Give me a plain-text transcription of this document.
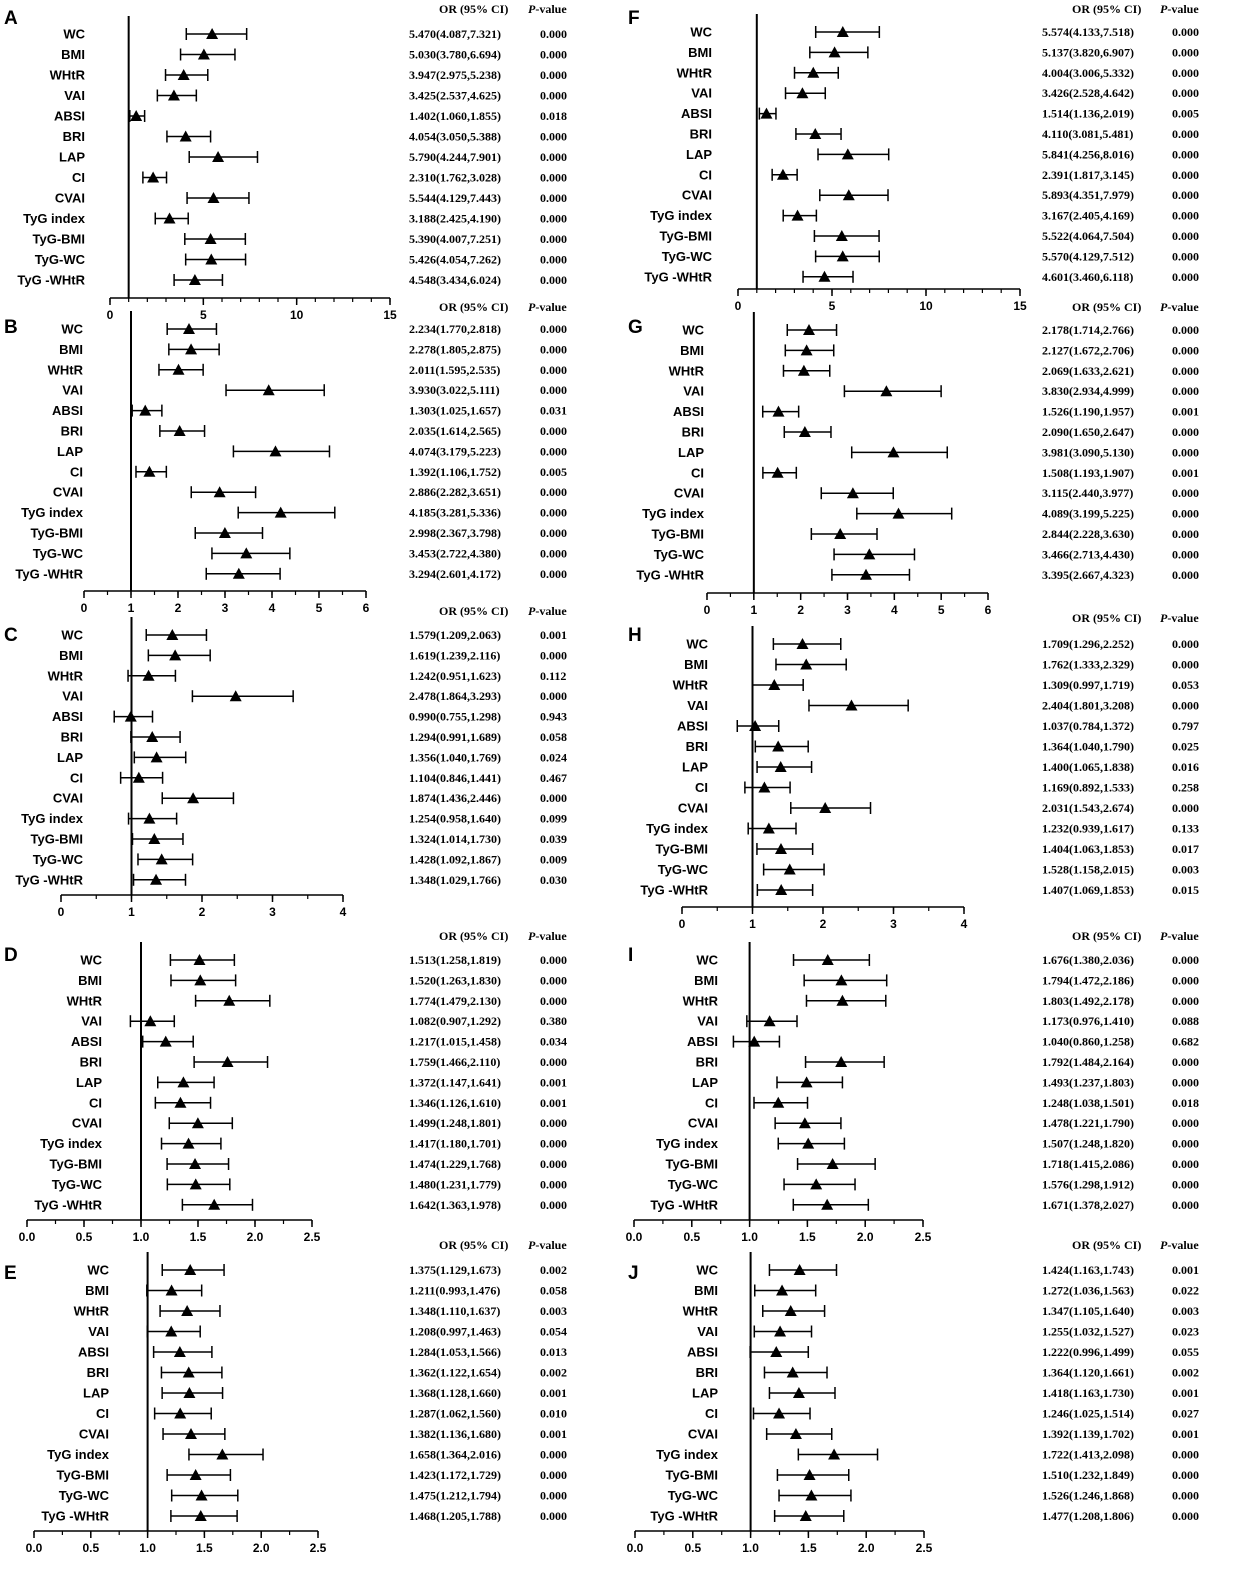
A	OR (95% CI) P-value
0	5	10	15
WC	5.470(4.087,7.321)	0.000
BMI	5.030(3.780,6.694)	0.000
WHtR	3.947(2.975,5.238)	0.000
VAI	3.425(2.537,4.625)	0.000
ABSI	1.402(1.060,1.855)	0.018
BRI	4.054(3.050,5.388)	0.000
LAP	5.790(4.244,7.901)	0.000
CI	2.310(1.762,3.028)	0.000
CVAI	5.544(4.129,7.443)	0.000
TyG index	3.188(2.425,4.190)	0.000
TyG-BMI	5.390(4.007,7.251)	0.000
TyG-WC	5.426(4.054,7.262)	0.000
TyG -WHtR	4.548(3.434,6.024)	0.000
B
OR (95% CI) P-value
0	1	2	3	4	5	6
WC	2.234(1.770,2.818)	0.000
BMI	2.278(1.805,2.875)	0.000
WHtR	2.011(1.595,2.535)	0.000
VAI	3.930(3.022,5.111)	0.000
ABSI	1.303(1.025,1.657)	0.031
BRI	2.035(1.614,2.565)	0.000
LAP	4.074(3.179,5.223)	0.000
CI	1.392(1.106,1.752)	0.005
CVAI	2.886(2.282,3.651)	0.000
TyG index	4.185(3.281,5.336)	0.000
TyG-BMI	2.998(2.367,3.798)	0.000
TyG-WC	3.453(2.722,4.380)	0.000
TyG -WHtR	3.294(2.601,4.172)	0.000
C
OR (95% CI) P-value
0	1	2	3	4
WC	1.579(1.209,2.063)	0.001
BMI	1.619(1.239,2.116)	0.000
WHtR	1.242(0.951,1.623)	0.112
VAI	2.478(1.864,3.293)	0.000
ABSI	0.990(0.755,1.298)	0.943
BRI	1.294(0.991,1.689)	0.058
LAP	1.356(1.040,1.769)	0.024
CI	1.104(0.846,1.441)	0.467
CVAI	1.874(1.436,2.446)	0.000
TyG index	1.254(0.958,1.640)	0.099
TyG-BMI	1.324(1.014,1.730)	0.039
TyG-WC	1.428(1.092,1.867)	0.009
TyG -WHtR	1.348(1.029,1.766)	0.030
D
OR (95% CI) P-value
0.0	0.5	1.0	1.5	2.0	2.5
WC	1.513(1.258,1.819)	0.000
BMI	1.520(1.263,1.830)	0.000
WHtR	1.774(1.479,2.130)	0.000
VAI	1.082(0.907,1.292)	0.380
ABSI	1.217(1.015,1.458)	0.034
BRI	1.759(1.466,2.110)	0.000
LAP	1.372(1.147,1.641)	0.001
CI	1.346(1.126,1.610)	0.001
CVAI	1.499(1.248,1.801)	0.000
TyG index	1.417(1.180,1.701)	0.000
TyG-BMI	1.474(1.229,1.768)	0.000
TyG-WC	1.480(1.231,1.779)	0.000
TyG -WHtR	1.642(1.363,1.978)	0.000
E
OR (95% CI) P-value
0.0	0.5	1.0	1.5	2.0	2.5
WC	1.375(1.129,1.673)	0.002
BMI	1.211(0.993,1.476)	0.058
WHtR	1.348(1.110,1.637)	0.003
VAI	1.208(0.997,1.463)	0.054
ABSI	1.284(1.053,1.566)	0.013
BRI	1.362(1.122,1.654)	0.002
LAP	1.368(1.128,1.660)	0.001
CI	1.287(1.062,1.560)	0.010
CVAI	1.382(1.136,1.680)	0.001
TyG index	1.658(1.364,2.016)	0.000
TyG-BMI	1.423(1.172,1.729)	0.000
TyG-WC	1.475(1.212,1.794)	0.000
TyG -WHtR	1.468(1.205,1.788)	0.000
F	OR (95% CI) P-value
0	5	10	15
WC	5.574(4.133,7.518)	0.000
BMI	5.137(3.820,6.907)	0.000
WHtR	4.004(3.006,5.332)	0.000
VAI	3.426(2.528,4.642)	0.000
ABSI	1.514(1.136,2.019)	0.005
BRI	4.110(3.081,5.481)	0.000
LAP	5.841(4.256,8.016)	0.000
CI	2.391(1.817,3.145)	0.000
CVAI	5.893(4.351,7.979)	0.000
TyG index	3.167(2.405,4.169)	0.000
TyG-BMI	5.522(4.064,7.504)	0.000
TyG-WC	5.570(4.129,7.512)	0.000
TyG -WHtR	4.601(3.460,6.118)	0.000
G
OR (95% CI) P-value
0	1	2	3	4	5	6
WC	2.178(1.714,2.766)	0.000
BMI	2.127(1.672,2.706)	0.000
WHtR	2.069(1.633,2.621)	0.000
VAI	3.830(2.934,4.999)	0.000
ABSI	1.526(1.190,1.957)	0.001
BRI	2.090(1.650,2.647)	0.000
LAP	3.981(3.090,5.130)	0.000
CI	1.508(1.193,1.907)	0.001
CVAI	3.115(2.440,3.977)	0.000
TyG index	4.089(3.199,5.225)	0.000
TyG-BMI	2.844(2.228,3.630)	0.000
TyG-WC	3.466(2.713,4.430)	0.000
TyG -WHtR	3.395(2.667,4.323)	0.000
H
OR (95% CI) P-value
0	1	2	3	4
WC	1.709(1.296,2.252)	0.000
BMI	1.762(1.333,2.329)	0.000
WHtR	1.309(0.997,1.719)	0.053
VAI	2.404(1.801,3.208)	0.000
ABSI	1.037(0.784,1.372)	0.797
BRI	1.364(1.040,1.790)	0.025
LAP	1.400(1.065,1.838)	0.016
CI	1.169(0.892,1.533)	0.258
CVAI	2.031(1.543,2.674)	0.000
TyG index	1.232(0.939,1.617)	0.133
TyG-BMI	1.404(1.063,1.853)	0.017
TyG-WC	1.528(1.158,2.015)	0.003
TyG -WHtR	1.407(1.069,1.853)	0.015
I
OR (95% CI) P-value
0.0	0.5	1.0	1.5	2.0	2.5
WC	1.676(1.380,2.036)	0.000
BMI	1.794(1.472,2.186)	0.000
WHtR	1.803(1.492,2.178)	0.000
VAI	1.173(0.976,1.410)	0.088
ABSI	1.040(0.860,1.258)	0.682
BRI	1.792(1.484,2.164)	0.000
LAP	1.493(1.237,1.803)	0.000
CI	1.248(1.038,1.501)	0.018
CVAI	1.478(1.221,1.790)	0.000
TyG index	1.507(1.248,1.820)	0.000
TyG-BMI	1.718(1.415,2.086)	0.000
TyG-WC	1.576(1.298,1.912)	0.000
TyG -WHtR	1.671(1.378,2.027)	0.000
J
OR (95% CI) P-value
0.0	0.5	1.0	1.5	2.0	2.5
WC	1.424(1.163,1.743)	0.001
BMI	1.272(1.036,1.563)	0.022
WHtR	1.347(1.105,1.640)	0.003
VAI	1.255(1.032,1.527)	0.023
ABSI	1.222(0.996,1.499)	0.055
BRI	1.364(1.120,1.661)	0.002
LAP	1.418(1.163,1.730)	0.001
CI	1.246(1.025,1.514)	0.027
CVAI	1.392(1.139,1.702)	0.001
TyG index	1.722(1.413,2.098)	0.000
TyG-BMI	1.510(1.232,1.849)	0.000
TyG-WC	1.526(1.246,1.868)	0.000
TyG -WHtR	1.477(1.208,1.806)	0.000
